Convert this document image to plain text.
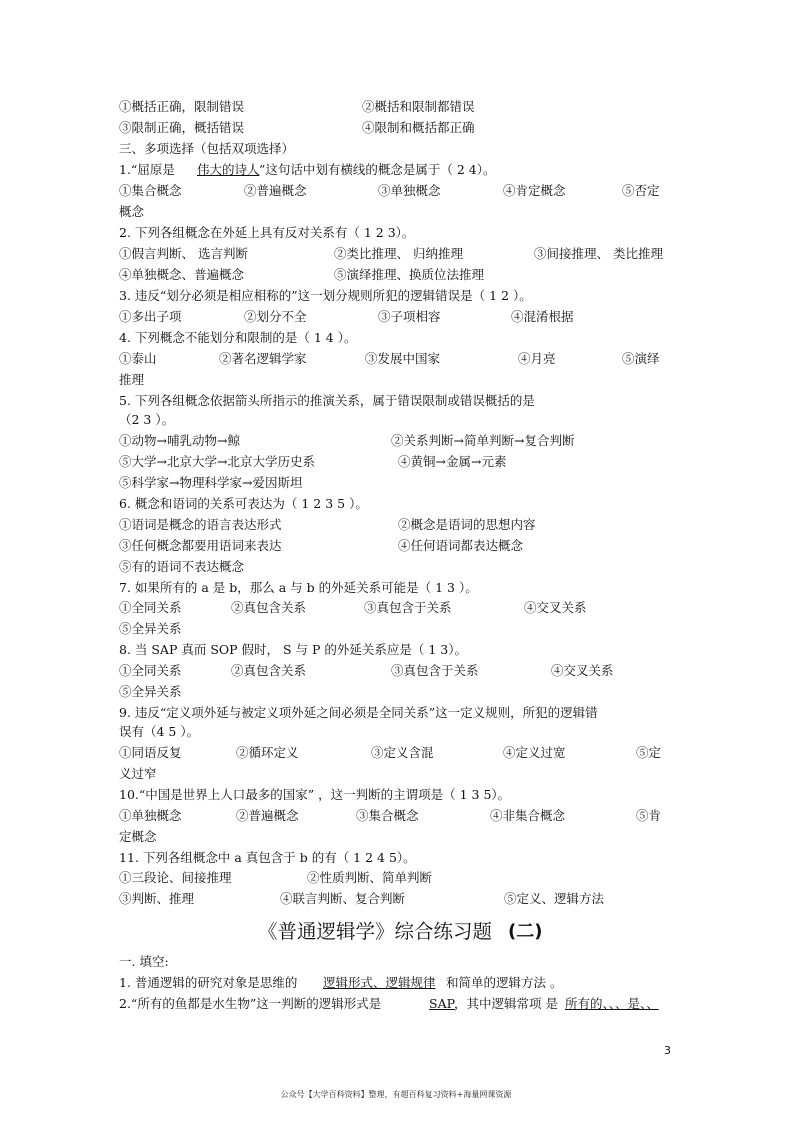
①概括正确，限制错误	②概括和限制都错误
③限制正确，概括错误	④限制和概括都正确
三、多项选择（包括双项选择）
1.“屈原是 伟大的诗人 ”这句话中划有横线的概念是属于（ 2 4）。
①集合概念	②普遍概念	③单独概念	④肯定概念	⑤否定
概念
2. 下列各组概念在外延上具有反对关系有（ 1 2 3）。
①假言判断、 选言判断	②类比推理、 归纳推理	③间接推理、 类比推理
④单独概念、普遍概念	⑤演绎推理、换质位法推理
3. 违反“划分必须是相应相称的”这一划分规则所犯的逻辑错误是（ 1 2 ）。
①多出子项	②划分不全	③子项相容	④混淆根据
4. 下列概念不能划分和限制的是（ 1 4 ）。
①泰山	②著名逻辑学家	③发展中国家	④月亮	⑤演绎
推理
5. 下列各组概念依据箭头所指示的推演关系，属于错误限制或错误概括的是
（2 3 ）。
①动物→哺乳动物→鲸	②关系判断→简单判断→复合判断
⑤大学→北京大学→北京大学历史系	④黄铜→金属→元素
⑤科学家→物理科学家→爱因斯坦
6. 概念和语词的关系可表达为（ 1 2 3 5 ）。
①语词是概念的语言表达形式	②概念是语词的思想内容
③任何概念都要用语词来表达	④任何语词都表达概念
⑤有的语词不表达概念
7. 如果所有的 a 是 b，那么 a 与 b 的外延关系可能是（ 1 3 ）。
①全同关系	②真包含关系	③真包含于关系	④交叉关系
⑤全异关系
8. 当 SAP 真而 SOP 假时， S 与 P 的外延关系应是（ 1 3）。
①全同关系	②真包含关系	③真包含于关系	④交叉关系
⑤全异关系
9. 违反“定义项外延与被定义项外延之间必须是全同关系”这一定义规则，所犯的逻辑错
误有（4 5 ）。
①同语反复	②循环定义	③定义含混	④定义过宽	⑤定
义过窄
10.“中国是世界上人口最多的国家” ，这一判断的主谓项是（ 1 3 5）。
①单独概念	②普遍概念	③集合概念	④非集合概念	⑤肯
定概念
11. 下列各组概念中 a 真包含于 b 的有（ 1 2 4 5）。
①三段论、间接推理	②性质判断、简单判断
③判断、推理	④联言判断、复合判断	⑤定义、逻辑方法
一. 填空:
1. 普通逻辑的研究对象是思维的 逻辑形式、逻辑规律 和简单的逻辑方法 。
2.“所有的鱼都是水生物”这一判断的逻辑形式是	SAP
，其中逻辑常项 是 所有的、、、是、、
《普通逻辑学》综合练习题 (二)
3
公众号【大学百科资料】整理，有超百科复习资料+海量网课资源
